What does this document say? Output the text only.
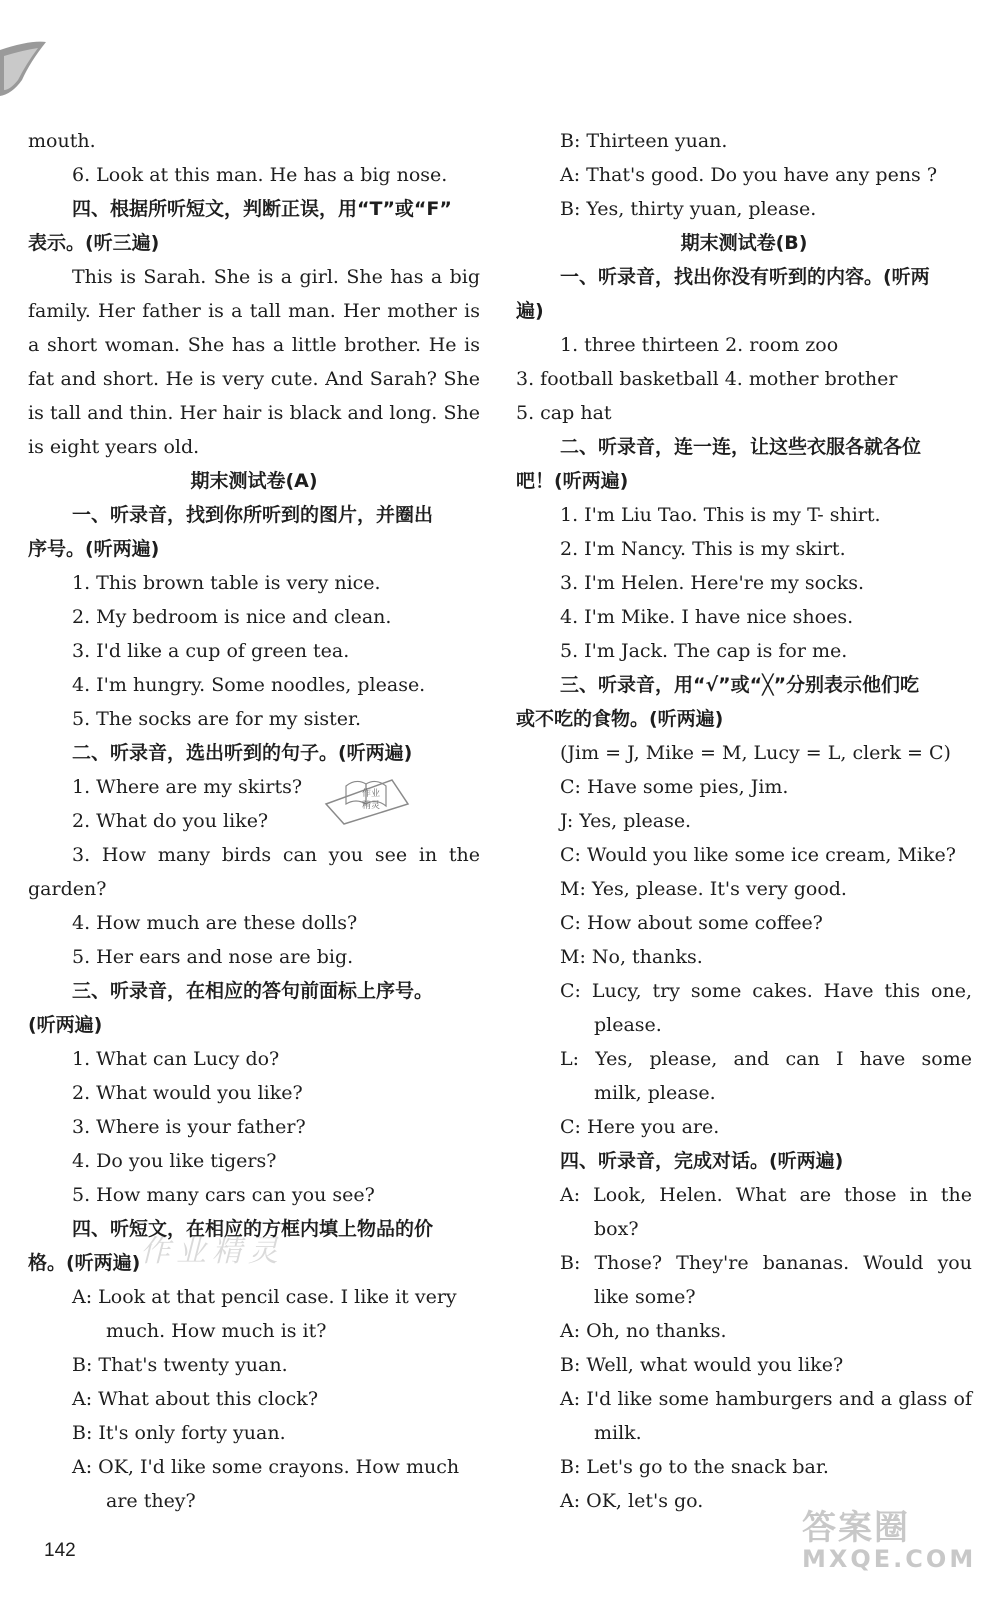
mouth.
6. Look at this man. He has a big nose.
四、根据所听短文，判断正误，用“T”或“F”
表示。(听三遍)
This is Sarah. She is a girl. She has a big
family. Her father is a tall man. Her mother is
a short woman. She has a little brother. He is
fat and short. He is very cute. And Sarah? She
is tall and thin. Her hair is black and long. She
is eight years old.
期末测试卷(A)
一、听录音，找到你所听到的图片，并圈出
序号。(听两遍)
1. This brown table is very nice.
2. My bedroom is nice and clean.
3. I'd like a cup of green tea.
4. I'm hungry. Some noodles, please.
5. The socks are for my sister.
二、听录音，选出听到的句子。(听两遍)
1. Where are my skirts?
2. What do you like?
3. How many birds can you see in the
garden?
4. How much are these dolls?
5. Her ears and nose are big.
三、听录音，在相应的答句前面标上序号。
(听两遍)
1. What can Lucy do?
2. What would you like?
3. Where is your father?
4. Do you like tigers?
5. How many cars can you see?
四、听短文，在相应的方框内填上物品的价
格。(听两遍)
A: Look at that pencil case. I like it very
much. How much is it?
B: That's twenty yuan.
A: What about this clock?
B: It's only forty yuan.
A: OK, I'd like some crayons. How much
are they?
B: Thirteen yuan.
A: That's good. Do you have any pens ?
B: Yes, thirty yuan, please.
期末测试卷(B)
一、听录音，找出你没有听到的内容。(听两
遍)
1. three thirteen 2. room zoo
3. football basketball 4. mother brother
5. cap hat
二、听录音，连一连，让这些衣服各就各位
吧！(听两遍)
1. I'm Liu Tao. This is my T- shirt.
2. I'm Nancy. This is my skirt.
3. I'm Helen. Here're my socks.
4. I'm Mike. I have nice shoes.
5. I'm Jack. The cap is for me.
三、听录音，用“√”或“╳”分别表示他们吃
或不吃的食物。(听两遍)
(Jim = J, Mike = M, Lucy = L, clerk = C)
C: Have some pies, Jim.
J: Yes, please.
C: Would you like some ice cream, Mike?
M: Yes, please. It's very good.
C: How about some coffee?
M: No, thanks.
C: Lucy, try some cakes. Have this one,
please.
L: Yes, please, and can I have some
milk, please.
C: Here you are.
四、听录音，完成对话。(听两遍)
A: Look, Helen. What are those in the
box?
B: Those? They're bananas. Would you
like some?
A: Oh, no thanks.
B: Well, what would you like?
A: I'd like some hamburgers and a glass of
milk.
B: Let's go to the snack bar.
A: OK, let's go.
作业
精灵
作业精灵
答案圈
MXQE.COM
142
